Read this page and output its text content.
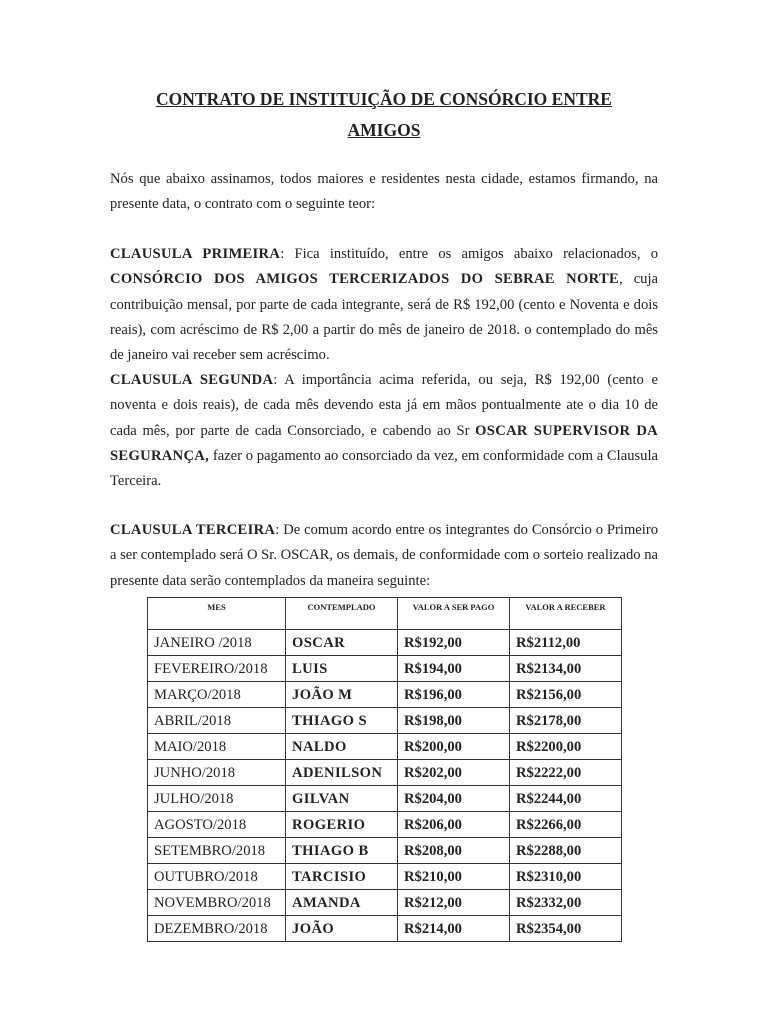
CONTRATO DE INSTITUIÇÃO DE CONSÓRCIO ENTRE
AMIGOS

Nós que abaixo assinamos, todos maiores e residentes nesta cidade, estamos firmando, na presente data, o contrato com o seguinte teor:

CLAUSULA PRIMEIRA: Fica instituído, entre os amigos abaixo relacionados, o CONSÓRCIO DOS AMIGOS TERCERIZADOS DO SEBRAE NORTE, cuja contribuição mensal, por parte de cada integrante, será de R$ 192,00 (cento e Noventa e dois reais), com acréscimo de R$ 2,00 a partir do mês de janeiro de 2018. o contemplado do mês de janeiro vai receber sem acréscimo.

CLAUSULA SEGUNDA: A importância acima referida, ou seja, R$ 192,00 (cento e noventa e dois reais), de cada mês devendo esta já em mãos pontualmente ate o dia 10 de cada mês, por parte de cada Consorciado, e cabendo ao Sr OSCAR SUPERVISOR DA SEGURANÇA, fazer o pagamento ao consorciado da vez, em conformidade com a Clausula Terceira.

CLAUSULA TERCEIRA: De comum acordo entre os integrantes do Consórcio o Primeiro a ser contemplado será O Sr. OSCAR, os demais, de conformidade com o sorteio realizado na presente data serão contemplados da maneira seguinte:

MES	CONTEMPLADO	VALOR A SER PAGO	VALOR A RECEBER
JANEIRO /2018	OSCAR	R$192,00	R$2112,00
FEVEREIRO/2018	LUIS	R$194,00	R$2134,00
MARÇO/2018	JOÃO M	R$196,00	R$2156,00
ABRIL/2018	THIAGO S	R$198,00	R$2178,00
MAIO/2018	NALDO	R$200,00	R$2200,00
JUNHO/2018	ADENILSON	R$202,00	R$2222,00
JULHO/2018	GILVAN	R$204,00	R$2244,00
AGOSTO/2018	ROGERIO	R$206,00	R$2266,00
SETEMBRO/2018	THIAGO B	R$208,00	R$2288,00
OUTUBRO/2018	TARCISIO	R$210,00	R$2310,00
NOVEMBRO/2018	AMANDA	R$212,00	R$2332,00
DEZEMBRO/2018	JOÃO	R$214,00	R$2354,00
